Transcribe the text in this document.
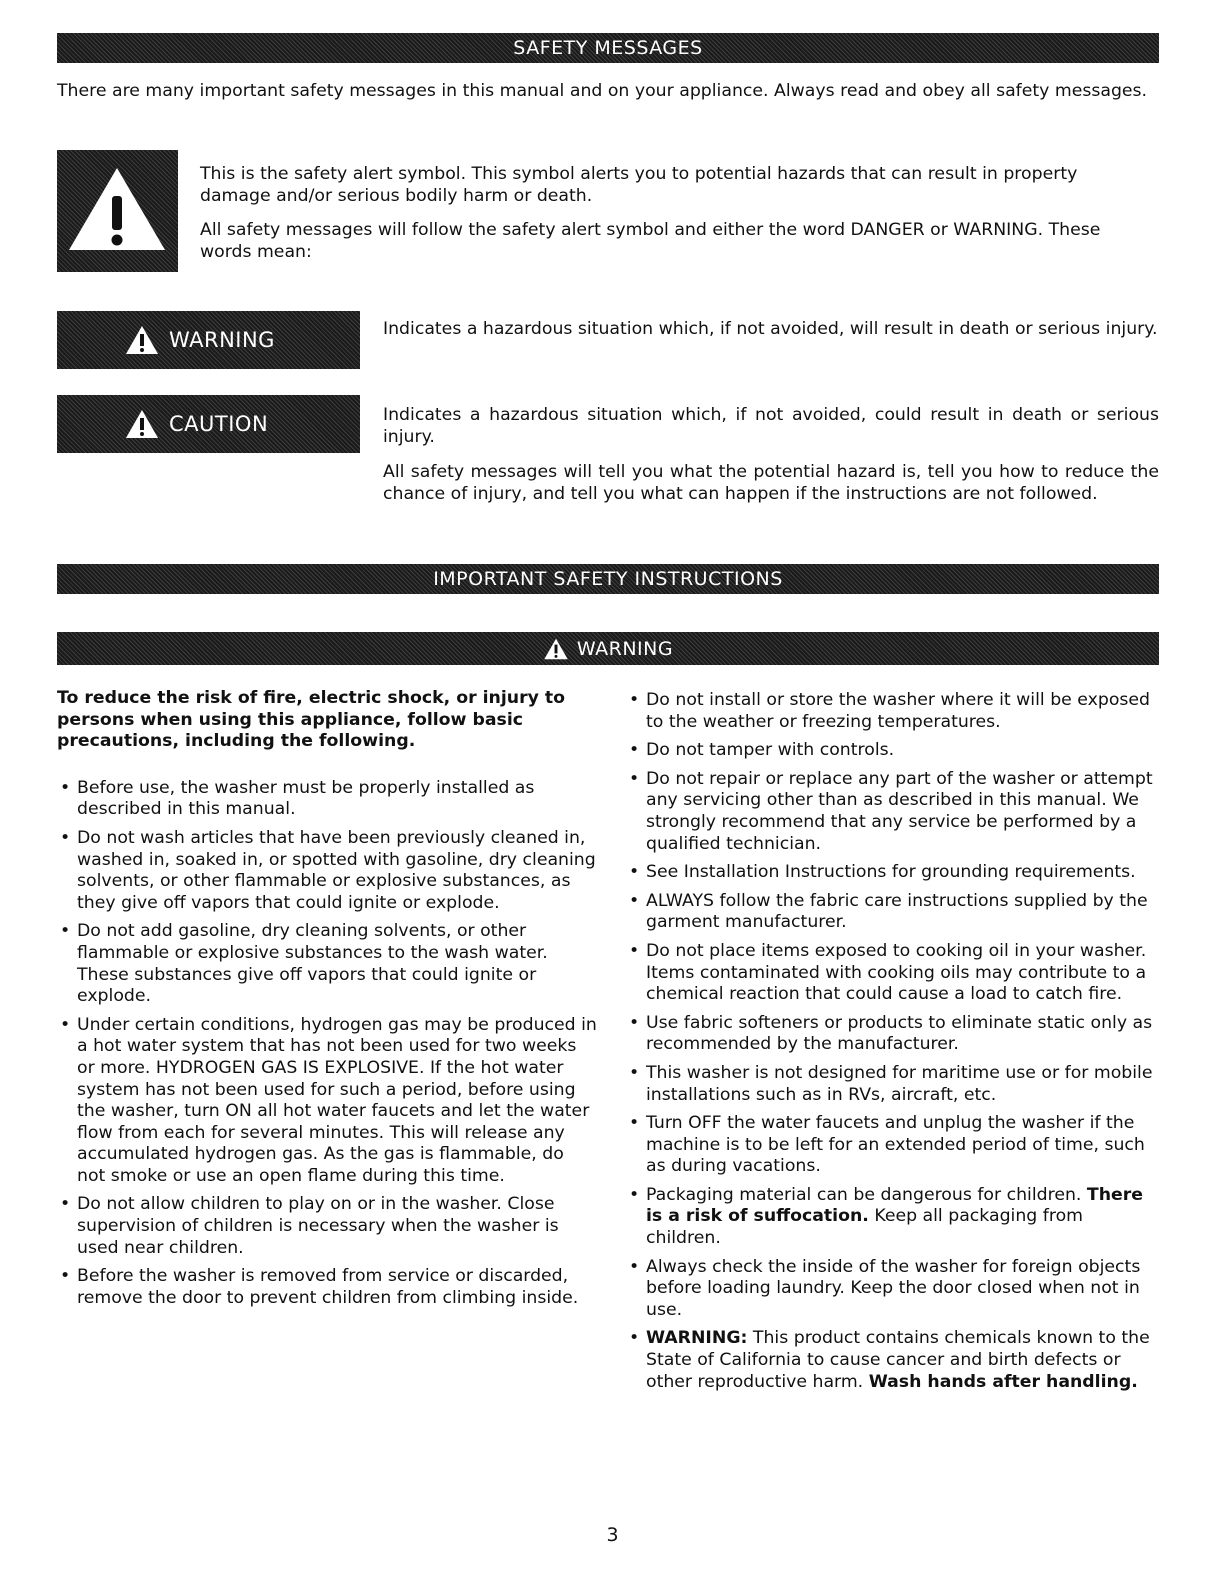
SAFETY MESSAGES

There are many important safety messages in this manual and on your appliance. Always read and obey all safety messages.

This is the safety alert symbol. This symbol alerts you to potential hazards that can result in property damage and/or serious bodily harm or death.

All safety messages will follow the safety alert symbol and either the word DANGER or WARNING. These words mean:

WARNING	Indicates a hazardous situation which, if not avoided, will result in death or serious injury.

CAUTION	Indicates a hazardous situation which, if not avoided, could result in death or serious injury.

All safety messages will tell you what the potential hazard is, tell you how to reduce the chance of injury, and tell you what can happen if the instructions are not followed.

IMPORTANT SAFETY INSTRUCTIONS
WARNING

To reduce the risk of fire, electric shock, or injury to persons when using this appliance, follow basic precautions, including the following.

• Before use, the washer must be properly installed as described in this manual.
• Do not wash articles that have been previously cleaned in, washed in, soaked in, or spotted with gasoline, dry cleaning solvents, or other flammable or explosive substances, as they give off vapors that could ignite or explode.
• Do not add gasoline, dry cleaning solvents, or other flammable or explosive substances to the wash water. These substances give off vapors that could ignite or explode.
• Under certain conditions, hydrogen gas may be produced in a hot water system that has not been used for two weeks or more. HYDROGEN GAS IS EXPLOSIVE. If the hot water system has not been used for such a period, before using the washer, turn ON all hot water faucets and let the water flow from each for several minutes. This will release any accumulated hydrogen gas. As the gas is flammable, do not smoke or use an open flame during this time.
• Do not allow children to play on or in the washer. Close supervision of children is necessary when the washer is used near children.
• Before the washer is removed from service or discarded, remove the door to prevent children from climbing inside.
• Do not install or store the washer where it will be exposed to the weather or freezing temperatures.
• Do not tamper with controls.
• Do not repair or replace any part of the washer or attempt any servicing other than as described in this manual. We strongly recommend that any service be performed by a qualified technician.
• See Installation Instructions for grounding requirements.
• ALWAYS follow the fabric care instructions supplied by the garment manufacturer.
• Do not place items exposed to cooking oil in your washer. Items contaminated with cooking oils may contribute to a chemical reaction that could cause a load to catch fire.
• Use fabric softeners or products to eliminate static only as recommended by the manufacturer.
• This washer is not designed for maritime use or for mobile installations such as in RVs, aircraft, etc.
• Turn OFF the water faucets and unplug the washer if the machine is to be left for an extended period of time, such as during vacations.
• Packaging material can be dangerous for children. There is a risk of suffocation. Keep all packaging from children.
• Always check the inside of the washer for foreign objects before loading laundry. Keep the door closed when not in use.
• WARNING: This product contains chemicals known to the State of California to cause cancer and birth defects or other reproductive harm. Wash hands after handling.
3
